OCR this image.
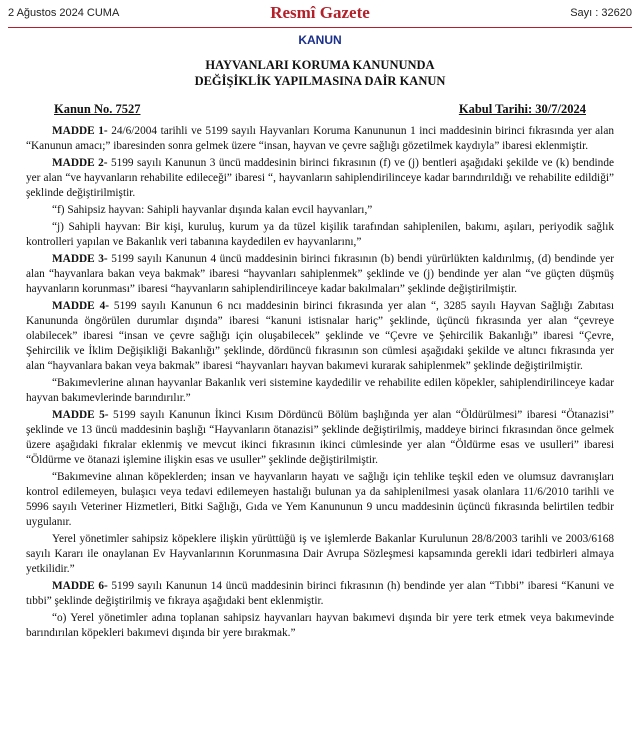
2 Ağustos 2024 CUMA	Resmî Gazete	Sayı : 32620
KANUN
HAYVANLARI KORUMA KANUNUNDA
DEĞİŞİKLİK YAPILMASINA DAİR KANUN
Kanun No. 7527	Kabul Tarihi: 30/7/2024

MADDE 1- 24/6/2004 tarihli ve 5199 sayılı Hayvanları Koruma Kanununun 1 inci maddesinin birinci fıkrasında yer alan “Kanunun amacı;” ibaresinden sonra gelmek üzere “insan, hayvan ve çevre sağlığı gözetilmek kaydıyla” ibaresi eklenmiştir.

MADDE 2- 5199 sayılı Kanunun 3 üncü maddesinin birinci fıkrasının (f) ve (j) bentleri aşağıdaki şekilde ve (k) bendinde yer alan “ve hayvanların rehabilite edileceği” ibaresi “, hayvanların sahiplendirilinceye kadar barındırıldığı ve rehabilite edildiği” şeklinde değiştirilmiştir.

“f) Sahipsiz hayvan: Sahipli hayvanlar dışında kalan evcil hayvanları,”

“j) Sahipli hayvan: Bir kişi, kuruluş, kurum ya da tüzel kişilik tarafından sahiplenilen, bakımı, aşıları, periyodik sağlık kontrolleri yapılan ve Bakanlık veri tabanına kaydedilen ev hayvanlarını,”

MADDE 3- 5199 sayılı Kanunun 4 üncü maddesinin birinci fıkrasının (b) bendi yürürlükten kaldırılmış, (d) bendinde yer alan “hayvanlara bakan veya bakmak” ibaresi “hayvanları sahiplenmek” şeklinde ve (j) bendinde yer alan “ve güçten düşmüş hayvanların korunması” ibaresi “hayvanların sahiplendirilinceye kadar bakılmaları” şeklinde değiştirilmiştir.

MADDE 4- 5199 sayılı Kanunun 6 ncı maddesinin birinci fıkrasında yer alan “, 3285 sayılı Hayvan Sağlığı Zabıtası Kanununda öngörülen durumlar dışında” ibaresi “kanuni istisnalar hariç” şeklinde, üçüncü fıkrasında yer alan “çevreye olabilecek” ibaresi “insan ve çevre sağlığı için oluşabilecek” şeklinde ve “Çevre ve Şehircilik Bakanlığı” ibaresi “Çevre, Şehircilik ve İklim Değişikliği Bakanlığı” şeklinde, dördüncü fıkrasının son cümlesi aşağıdaki şekilde ve altıncı fıkrasında yer alan “hayvanlara bakan veya bakmak” ibaresi “hayvanları hayvan bakımevi kurarak sahiplenmek” şeklinde değiştirilmiştir.

“Bakımevlerine alınan hayvanlar Bakanlık veri sistemine kaydedilir ve rehabilite edilen köpekler, sahiplendirilinceye kadar hayvan bakımevlerinde barındırılır.”

MADDE 5- 5199 sayılı Kanunun İkinci Kısım Dördüncü Bölüm başlığında yer alan “Öldürülmesi” ibaresi “Ötanazisi” şeklinde ve 13 üncü maddesinin başlığı “Hayvanların ötanazisi” şeklinde değiştirilmiş, maddeye birinci fıkrasından önce gelmek üzere aşağıdaki fıkralar eklenmiş ve mevcut ikinci fıkrasının ikinci cümlesinde yer alan “Öldürme esas ve usulleri” ibaresi “Öldürme ve ötanazi işlemine ilişkin esas ve usuller” şeklinde değiştirilmiştir.

“Bakımevine alınan köpeklerden; insan ve hayvanların hayatı ve sağlığı için tehlike teşkil eden ve olumsuz davranışları kontrol edilemeyen, bulaşıcı veya tedavi edilemeyen hastalığı bulunan ya da sahiplenilmesi yasak olanlara 11/6/2010 tarihli ve 5996 sayılı Veteriner Hizmetleri, Bitki Sağlığı, Gıda ve Yem Kanununun 9 uncu maddesinin üçüncü fıkrasında belirtilen tedbir uygulanır.

Yerel yönetimler sahipsiz köpeklere ilişkin yürüttüğü iş ve işlemlerde Bakanlar Kurulunun 28/8/2003 tarihli ve 2003/6168 sayılı Kararı ile onaylanan Ev Hayvanlarının Korunmasına Dair Avrupa Sözleşmesi kapsamında gerekli idari tedbirleri almaya yetkilidir.”

MADDE 6- 5199 sayılı Kanunun 14 üncü maddesinin birinci fıkrasının (h) bendinde yer alan “Tıbbi” ibaresi “Kanuni ve tıbbi” şeklinde değiştirilmiş ve fıkraya aşağıdaki bent eklenmiştir.

“o) Yerel yönetimler adına toplanan sahipsiz hayvanları hayvan bakımevi dışında bir yere terk etmek veya bakımevinde barındırılan köpekleri bakımevi dışında bir yere bırakmak.”
